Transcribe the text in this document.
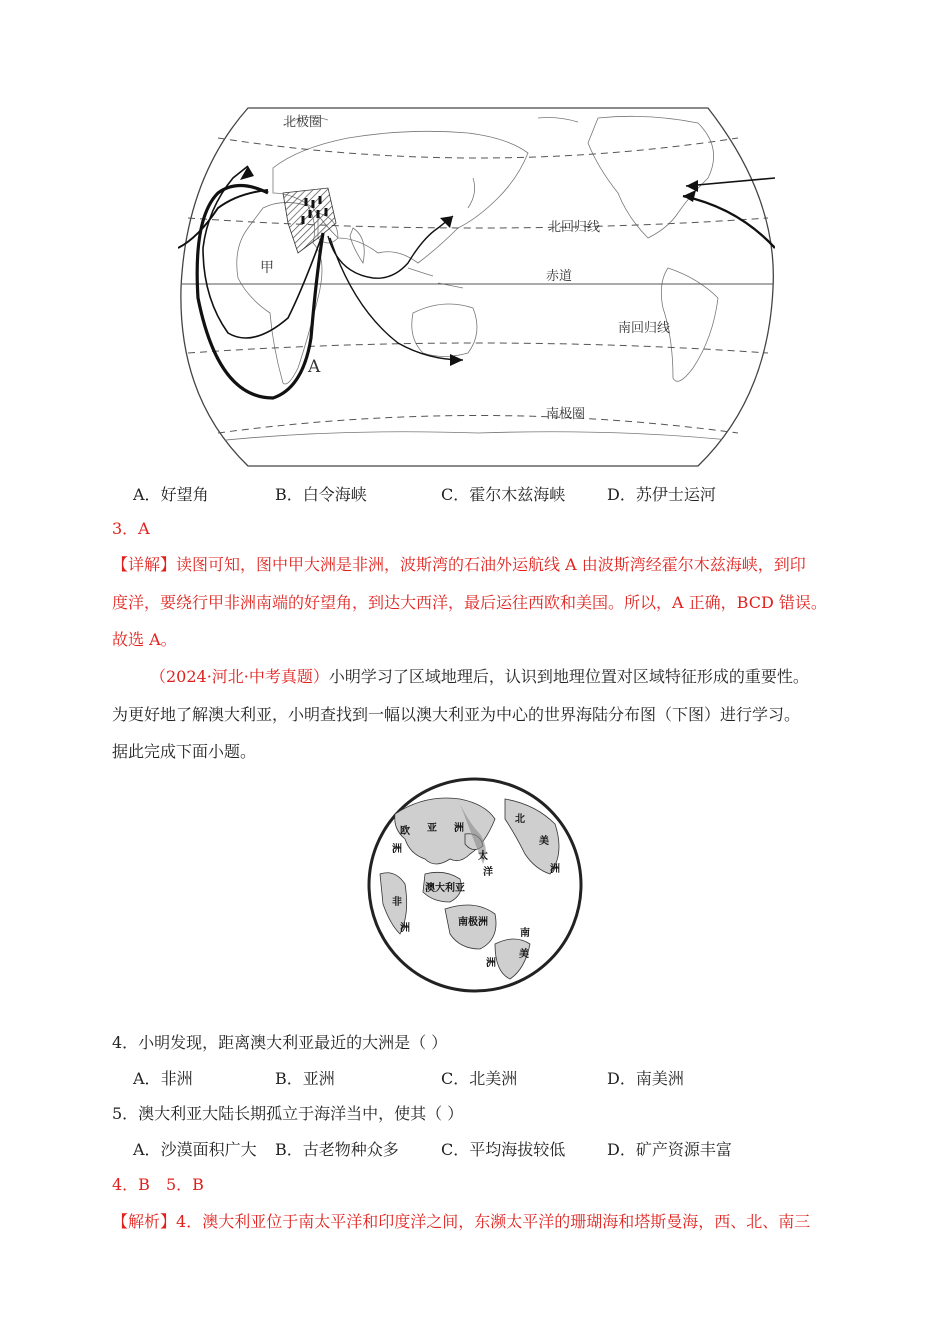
北极圈
北回归线
赤道
南回归线
南极圈
甲
A
A．好望角	B．白令海峡	C．霍尔木兹海峡	D．苏伊士运河
3．A
【详解】读图可知，图中甲大洲是非洲，波斯湾的石油外运航线 A 由波斯湾经霍尔木兹海峡，到印
度洋，要绕行甲非洲南端的好望角，到达大西洋，最后运往西欧和美国。所以，A 正确，BCD 错误。
故选 A。
（2024·河北·中考真题）小明学习了区域地理后，认识到地理位置对区域特征形成的重要性。
为更好地了解澳大利亚，小明查找到一幅以澳大利亚为中心的世界海陆分布图（下图）进行学习。
据此完成下面小题。
欧
洲
亚 洲
北
美
洲
太
洋
澳大利亚
非
洲
南极洲
南
美
洲
4．小明发现，距离澳大利亚最近的大洲是（ ）
A．非洲	B．亚洲	C．北美洲	D．南美洲
5．澳大利亚大陆长期孤立于海洋当中，使其（ ）
A．沙漠面积广大 B．古老物种众多	C．平均海拔较低	D．矿产资源丰富
4．B　5．B
【解析】4．澳大利亚位于南太平洋和印度洋之间，东濒太平洋的珊瑚海和塔斯曼海，西、北、南三
